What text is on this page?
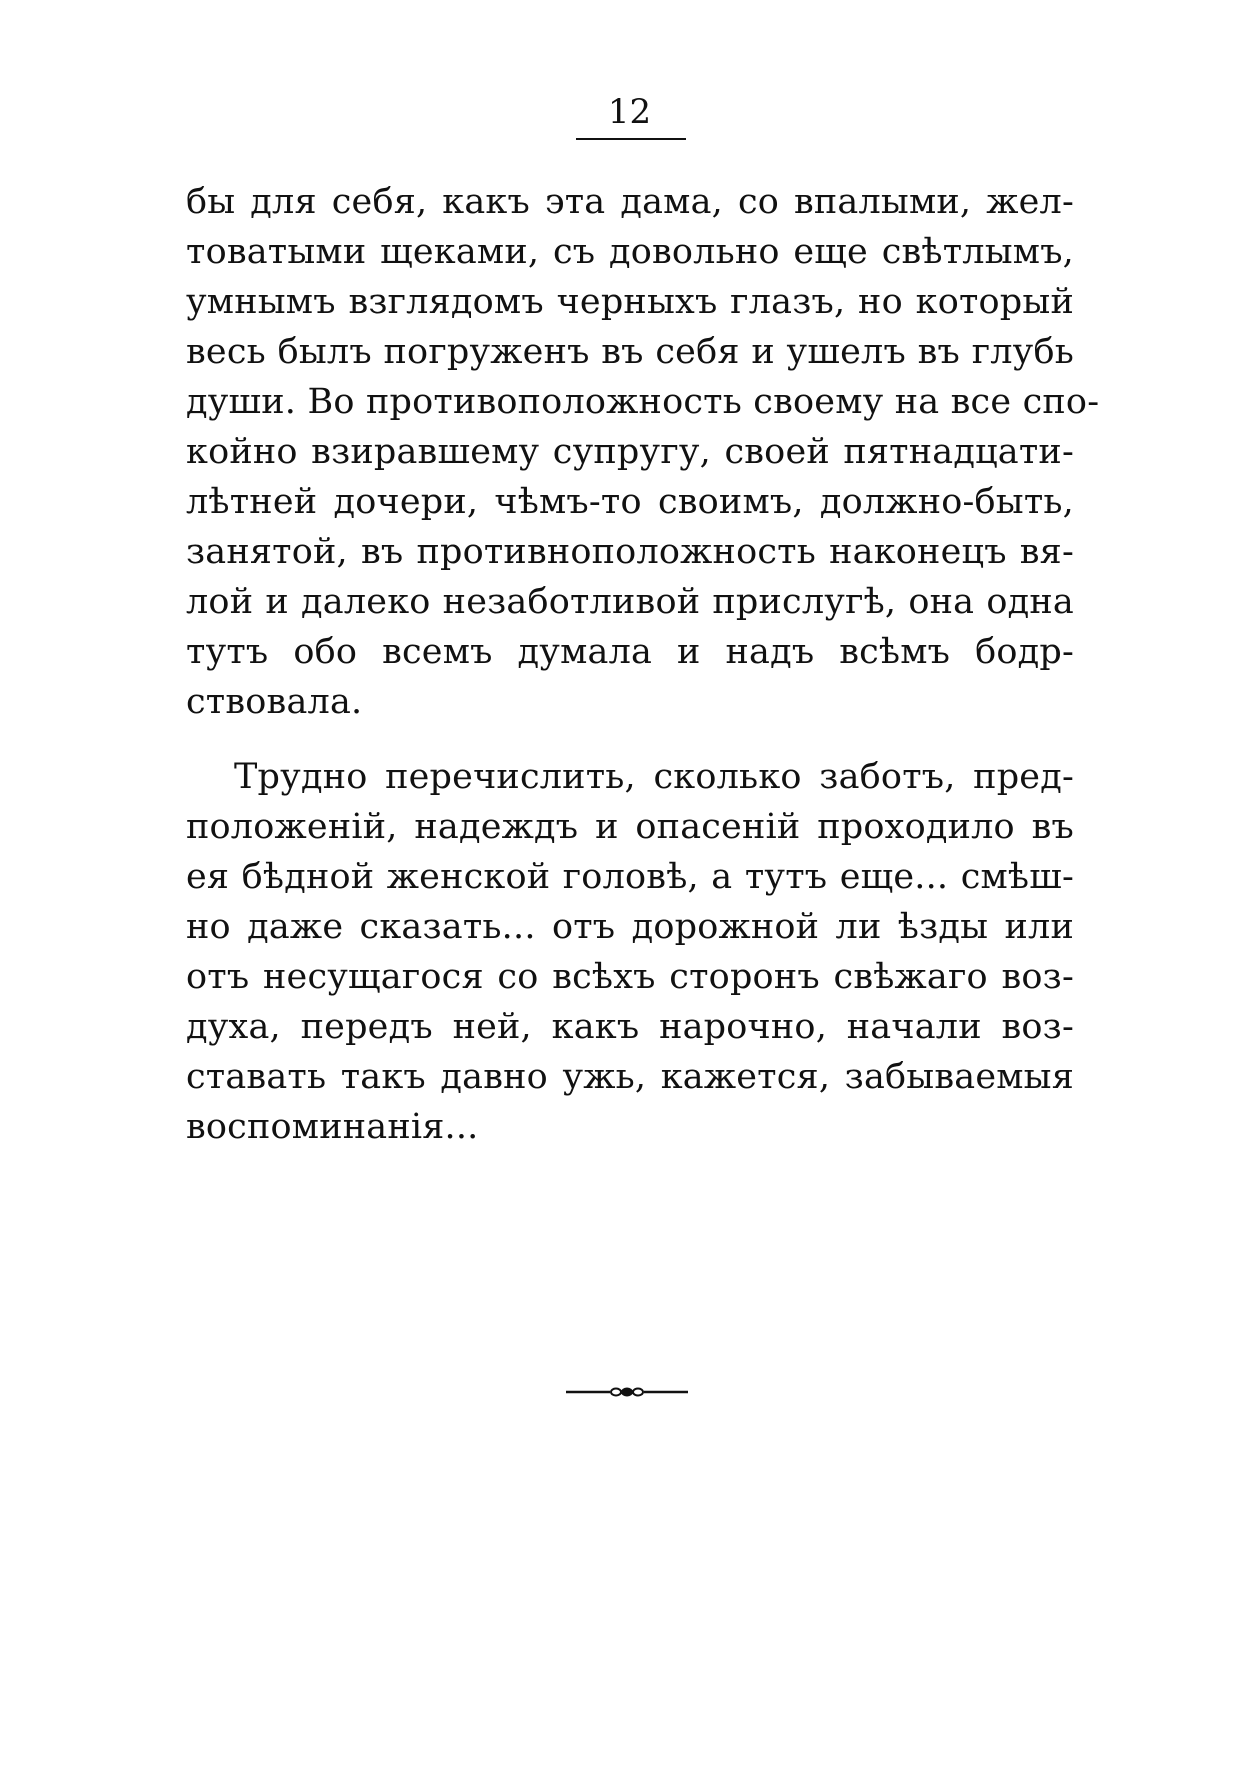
12
бы для себя, какъ эта дама, со впалыми, жел-
товатыми щеками, съ довольно еще свѣтлымъ,
умнымъ взглядомъ черныхъ глазъ, но который
весь былъ погруженъ въ себя и ушелъ въ глубь
души. Во противоположность своему на все спо-
койно взиравшему супругу, своей пятнадцати-
лѣтней дочери, чѣмъ-то своимъ, должно-быть,
занятой, въ противноположность наконецъ вя-
лой и далеко незаботливой прислугѣ, она одна
тутъ обо всемъ думала и надъ всѣмъ бодр-
ствовала.
Трудно перечислить, сколько заботъ, пред-
положеній, надеждъ и опасеній проходило въ
ея бѣдной женской головѣ, а тутъ еще... смѣш-
но даже сказать... отъ дорожной ли ѣзды или
отъ несущагося со всѣхъ сторонъ свѣжаго воз-
духа, передъ ней, какъ нарочно, начали воз-
ставать такъ давно ужь, кажется, забываемыя
воспоминанія...
